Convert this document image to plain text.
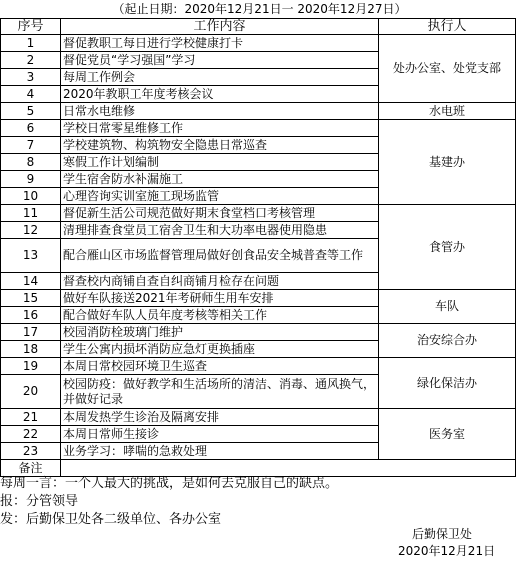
（起止日期：2020年12月21日一 2020年12月27日）
序号	工作内容	执行人
1	督促教职工每日进行学校健康打卡	处办公室、处党支部
2	督促党员“学习强国”学习	
3	每周工作例会	
4	2020年教职工年度考核会议	
5	日常水电维修	水电班
6	学校日常零星维修工作	基建办
7	学校建筑物、构筑物安全隐患日常巡查	
8	寒假工作计划编制	
9	学生宿舍防水补漏施工	
10	心理咨询实训室施工现场监管	
11	督促新生活公司规范做好期末食堂档口考核管理	食管办
12	清理排查食堂员工宿舍卫生和大功率电器使用隐患	
13	配合雁山区市场监督管理局做好创食品安全城普查等工作	
14	督查校内商铺自查自纠商铺月检存在问题	
15	做好车队接送2021年考研师生用车安排	车队
16	配合做好车队人员年度考核等相关工作	
17	校园消防栓玻璃门维护	治安综合办
18	学生公寓内损坏消防应急灯更换插座	
19	本周日常校园环境卫生巡查	绿化保洁办
20	校园防疫：做好教学和生活场所的清洁、消毒、通风换气，并做好记录	
21	本周发热学生诊治及隔离安排	医务室
22	本周日常师生接诊	
23	业务学习：哮喘的急救处理	
备注		
每周一言：一个人最大的挑战，是如何去克服自己的缺点。
报：分管领导
发：后勤保卫处各二级单位、各办公室
后勤保卫处
2020年12月21日
